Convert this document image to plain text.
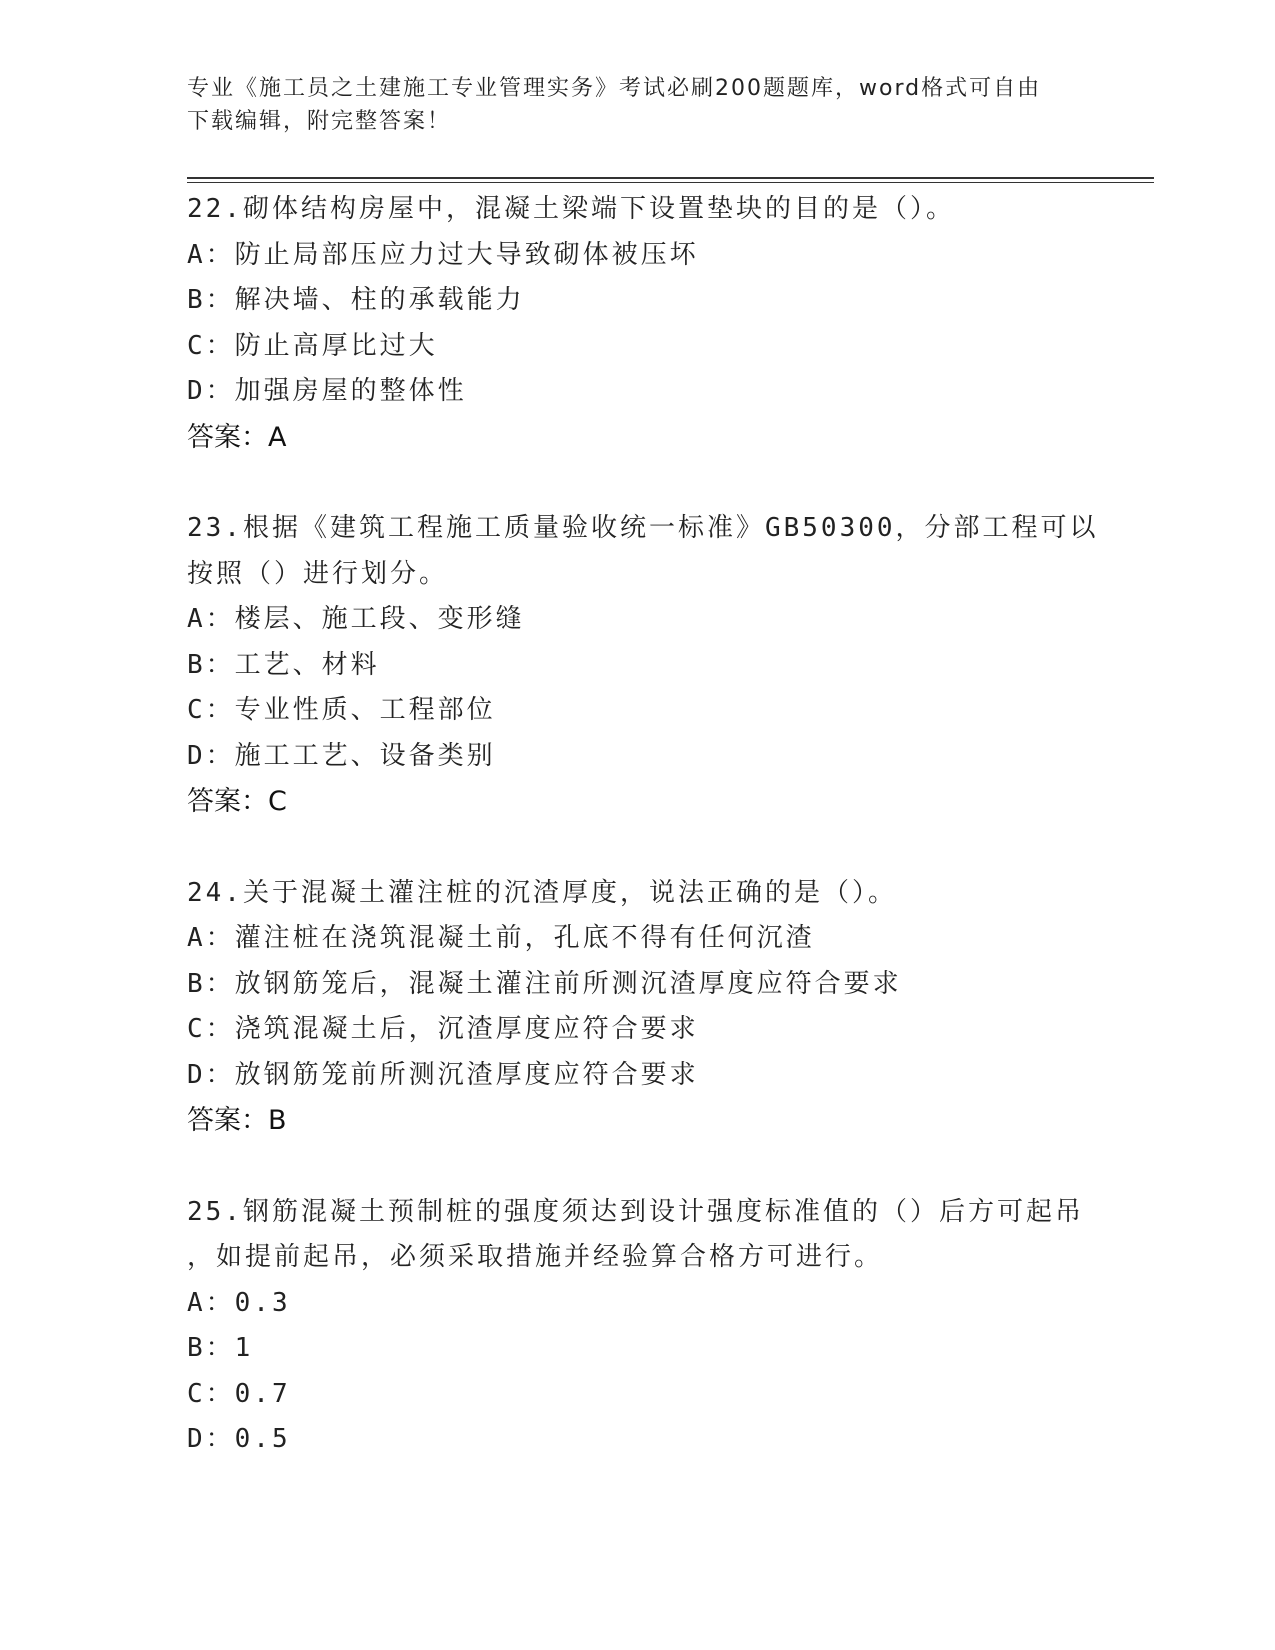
专业《施工员之土建施工专业管理实务》考试必刷200题题库，word格式可自由
下载编辑，附完整答案！
22.砌体结构房屋中，混凝土梁端下设置垫块的目的是（）。
A：防止局部压应力过大导致砌体被压坏
B：解决墙、柱的承载能力
C：防止高厚比过大
D：加强房屋的整体性
答案：A
23.根据《建筑工程施工质量验收统一标准》GB50300，分部工程可以
按照（）进行划分。
A：楼层、施工段、变形缝
B：工艺、材料
C：专业性质、工程部位
D：施工工艺、设备类别
答案：C
24.关于混凝土灌注桩的沉渣厚度，说法正确的是（）。
A：灌注桩在浇筑混凝土前，孔底不得有任何沉渣
B：放钢筋笼后，混凝土灌注前所测沉渣厚度应符合要求
C：浇筑混凝土后，沉渣厚度应符合要求
D：放钢筋笼前所测沉渣厚度应符合要求
答案：B
25.钢筋混凝土预制桩的强度须达到设计强度标准值的（）后方可起吊
，如提前起吊，必须采取措施并经验算合格方可进行。
A：0.3
B：1
C：0.7
D：0.5
